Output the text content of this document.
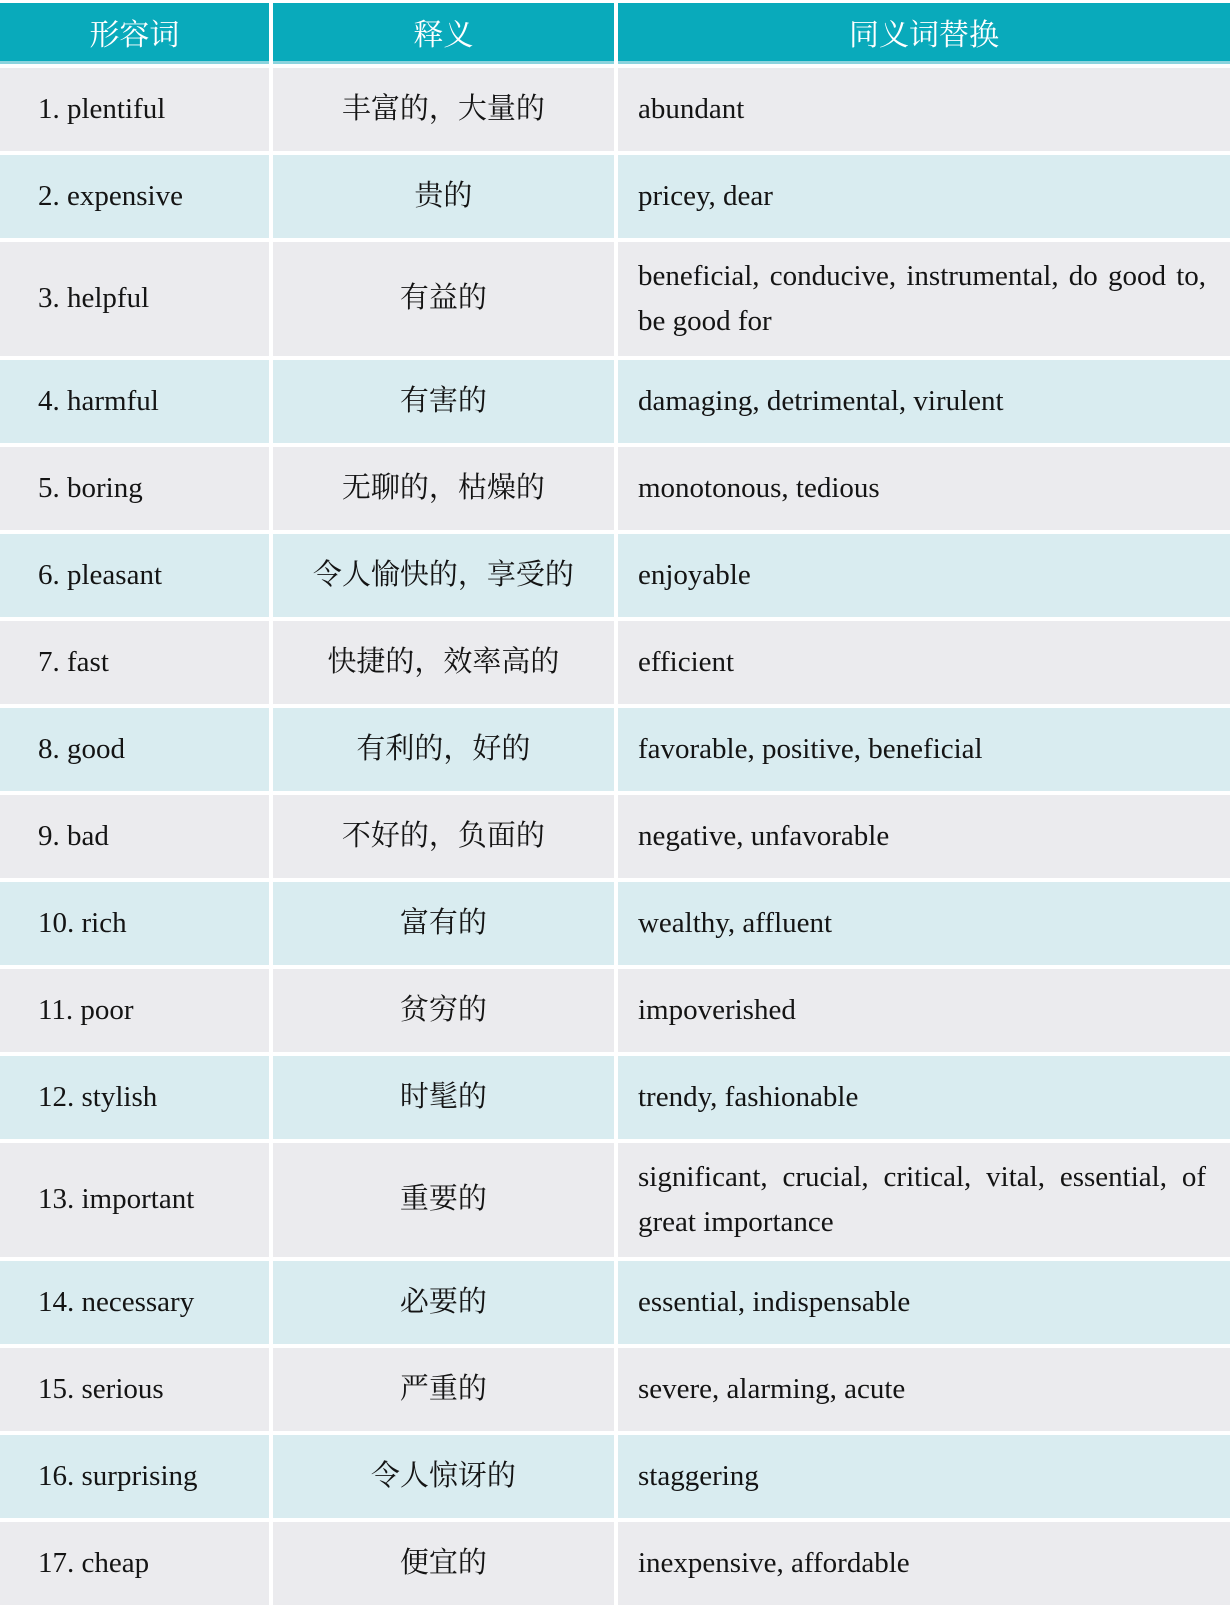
形容词	释义	同义词替换
1. plentiful	丰富的，大量的	abundant
2. expensive	贵的	pricey, dear
3. helpful	有益的	beneficial, conducive, instrumental, do good to, be good for
4. harmful	有害的	damaging, detrimental, virulent
5. boring	无聊的，枯燥的	monotonous, tedious
6. pleasant	令人愉快的，享受的	enjoyable
7. fast	快捷的，效率高的	efficient
8. good	有利的，好的	favorable, positive, beneficial
9. bad	不好的，负面的	negative, unfavorable
10. rich	富有的	wealthy, affluent
11. poor	贫穷的	impoverished
12. stylish	时髦的	trendy, fashionable
13. important	重要的	significant, crucial, critical, vital, essential, of great importance
14. necessary	必要的	essential, indispensable
15. serious	严重的	severe, alarming, acute
16. surprising	令人惊讶的	staggering
17. cheap	便宜的	inexpensive, affordable
